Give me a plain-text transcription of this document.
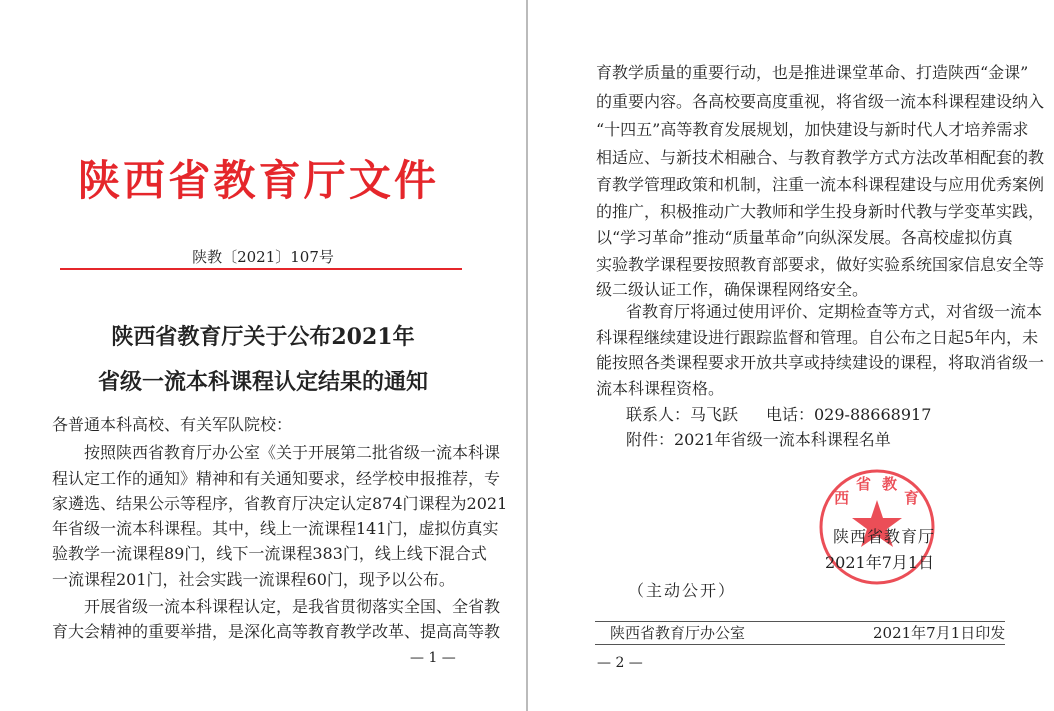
陕西省教育厅文件
陕教〔2021〕107号
陕西省教育厅关于公布2021年
省级一流本科课程认定结果的通知
各普通本科高校、有关军队院校：
按照陕西省教育厅办公室《关于开展第二批省级一流本科课
程认定工作的通知》精神和有关通知要求，经学校申报推荐，专
家遴选、结果公示等程序，省教育厅决定认定874门课程为2021
年省级一流本科课程。其中，线上一流课程141门，虚拟仿真实
验教学一流课程89门，线下一流课程383门，线上线下混合式
一流课程201门，社会实践一流课程60门，现予以公布。
开展省级一流本科课程认定，是我省贯彻落实全国、全省教
育大会精神的重要举措，是深化高等教育教学改革、提高高等教
— 1 —
育教学质量的重要行动，也是推进课堂革命、打造陕西“金课”
的重要内容。各高校要高度重视，将省级一流本科课程建设纳入
“十四五”高等教育发展规划，加快建设与新时代人才培养需求
相适应、与新技术相融合、与教育教学方式方法改革相配套的教
育教学管理政策和机制，注重一流本科课程建设与应用优秀案例
的推广，积极推动广大教师和学生投身新时代教与学变革实践，
以“学习革命”推动“质量革命”向纵深发展。各高校虚拟仿真
实验教学课程要按照教育部要求，做好实验系统国家信息安全等
级二级认证工作，确保课程网络安全。
省教育厅将通过使用评价、定期检查等方式，对省级一流本
科课程继续建设进行跟踪监督和管理。自公布之日起5年内，未
能按照各类课程要求开放共享或持续建设的课程，将取消省级一
流本科课程资格。
联系人：马飞跃 电话：029-88668917
附件：2021年省级一流本科课程名单
西
省 教
育
陕西省教育厅
2021年7月1日
（主动公开）
陕西省教育厅办公室	2021年7月1日印发
— 2 —
